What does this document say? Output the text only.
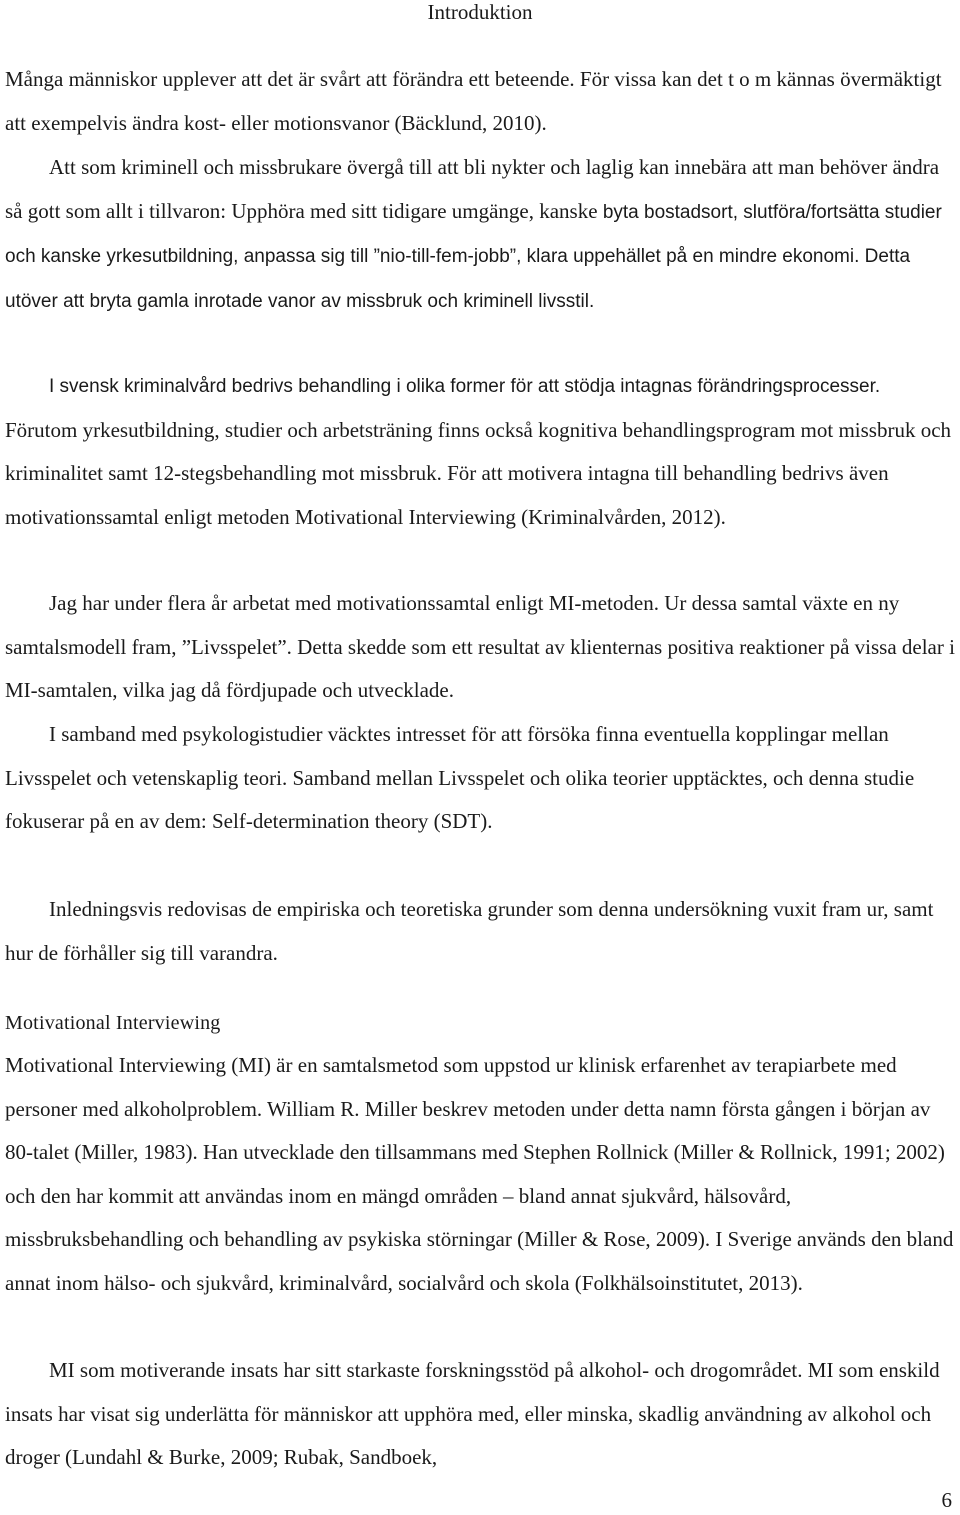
Introduktion

Många människor upplever att det är svårt att förändra ett beteende. För vissa kan det t o m kännas övermäktigt att exempelvis ändra kost- eller motionsvanor (Bäcklund, 2010).

Att som kriminell och missbrukare övergå till att bli nykter och laglig kan innebära att man behöver ändra så gott som allt i tillvaron: Upphöra med sitt tidigare umgänge, kanske byta bostadsort, slutföra/fortsätta studier och kanske yrkesutbildning, anpassa sig till ”nio-till-fem-jobb”, klara uppehället på en mindre ekonomi. Detta utöver att bryta gamla inrotade vanor av missbruk och kriminell livsstil.

I svensk kriminalvård bedrivs behandling i olika former för att stödja intagnas förändringsprocesser. Förutom yrkesutbildning, studier och arbetsträning finns också kognitiva behandlingsprogram mot missbruk och kriminalitet samt 12-stegsbehandling mot missbruk. För att motivera intagna till behandling bedrivs även motivationssamtal enligt metoden Motivational Interviewing (Kriminalvården, 2012).

Jag har under flera år arbetat med motivationssamtal enligt MI-metoden. Ur dessa samtal växte en ny samtalsmodell fram, ”Livsspelet”. Detta skedde som ett resultat av klienternas positiva reaktioner på vissa delar i MI-samtalen, vilka jag då fördjupade och utvecklade.

I samband med psykologistudier väcktes intresset för att försöka finna eventuella kopplingar mellan Livsspelet och vetenskaplig teori. Samband mellan Livsspelet och olika teorier upptäcktes, och denna studie fokuserar på en av dem: Self-determination theory (SDT).

Inledningsvis redovisas de empiriska och teoretiska grunder som denna undersökning vuxit fram ur, samt hur de förhåller sig till varandra.

Motivational Interviewing

Motivational Interviewing (MI) är en samtalsmetod som uppstod ur klinisk erfarenhet av terapiarbete med personer med alkoholproblem. William R. Miller beskrev metoden under detta namn första gången i början av 80-talet (Miller, 1983). Han utvecklade den tillsammans med Stephen Rollnick (Miller & Rollnick, 1991; 2002) och den har kommit att användas inom en mängd områden – bland annat sjukvård, hälsovård, missbruksbehandling och behandling av psykiska störningar (Miller & Rose, 2009). I Sverige används den bland annat inom hälso- och sjukvård, kriminalvård, socialvård och skola (Folkhälsoinstitutet, 2013).

MI som motiverande insats har sitt starkaste forskningsstöd på alkohol- och drogområdet. MI som enskild insats har visat sig underlätta för människor att upphöra med, eller minska, skadlig användning av alkohol och droger (Lundahl & Burke, 2009; Rubak, Sandboek,

6
